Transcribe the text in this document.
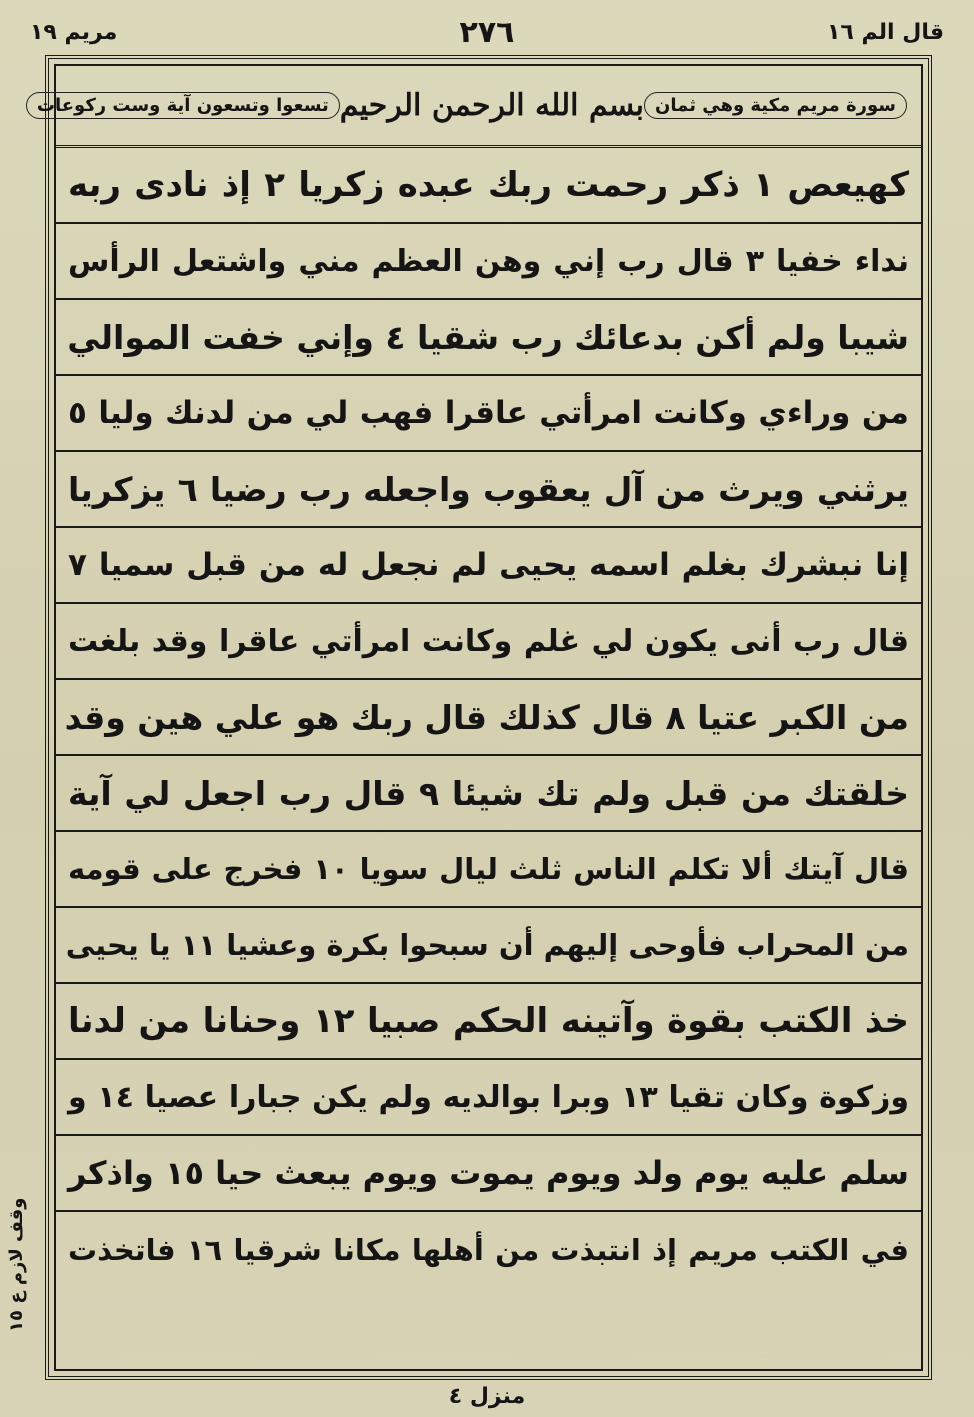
مريم ١٩	٢٧٦	قال الم ١٦
سورة مريم مكية وهي ثمان
بسم الله الرحمن الرحيم
تسعوا وتسعون آية وست ركوعات
كهيعص ١ ذكر رحمت ربك عبده زكريا ٢ إذ نادى ربه
نداء خفيا ٣ قال رب إني وهن العظم مني واشتعل الرأس
شيبا ولم أكن بدعائك رب شقيا ٤ وإني خفت الموالي
من وراءي وكانت امرأتي عاقرا فهب لي من لدنك وليا ٥
يرثني ويرث من آل يعقوب واجعله رب رضيا ٦ يزكريا
إنا نبشرك بغلم اسمه يحيى لم نجعل له من قبل سميا ٧
قال رب أنى يكون لي غلم وكانت امرأتي عاقرا وقد بلغت
من الكبر عتيا ٨ قال كذلك قال ربك هو علي هين وقد
خلقتك من قبل ولم تك شيئا ٩ قال رب اجعل لي آية
قال آيتك ألا تكلم الناس ثلث ليال سويا ١٠ فخرج على قومه
من المحراب فأوحى إليهم أن سبحوا بكرة وعشيا ١١ يا يحيى
خذ الكتب بقوة وآتينه الحكم صبيا ١٢ وحنانا من لدنا
وزكوة وكان تقيا ١٣ وبرا بوالديه ولم يكن جبارا عصيا ١٤ و
سلم عليه يوم ولد ويوم يموت ويوم يبعث حيا ١٥ واذكر
في الكتب مريم إذ انتبذت من أهلها مكانا شرقيا ١٦ فاتخذت
وقف لازم ع ١٥
منزل ٤
